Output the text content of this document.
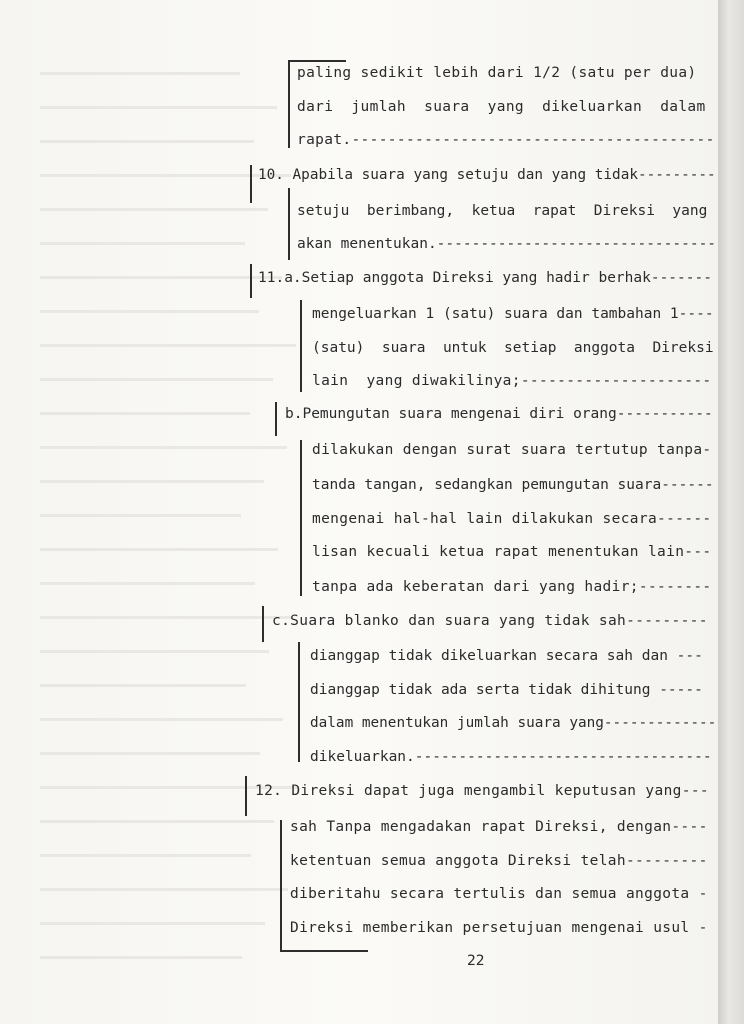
paling sedikit lebih dari 1/2 (satu per dua)
dari  jumlah  suara  yang  dikeluarkan  dalam
rapat.----------------------------------------
10. Apabila suara yang setuju dan yang tidak---------
setuju  berimbang,  ketua  rapat  Direksi  yang
akan menentukan.--------------------------------
11.a.Setiap anggota Direksi yang hadir berhak-------
mengeluarkan 1 (satu) suara dan tambahan 1----
(satu)  suara  untuk  setiap  anggota  Direksi
lain  yang diwakilinya;---------------------
b.Pemungutan suara mengenai diri orang-----------
dilakukan dengan surat suara tertutup tanpa-
tanda tangan, sedangkan pemungutan suara------
mengenai hal-hal lain dilakukan secara------
lisan kecuali ketua rapat menentukan lain---
tanpa ada keberatan dari yang hadir;--------
c.Suara blanko dan suara yang tidak sah---------
dianggap tidak dikeluarkan secara sah dan ---
dianggap tidak ada serta tidak dihitung -----
dalam menentukan jumlah suara yang-------------
dikeluarkan.----------------------------------
12. Direksi dapat juga mengambil keputusan yang---
sah Tanpa mengadakan rapat Direksi, dengan----
ketentuan semua anggota Direksi telah---------
diberitahu secara tertulis dan semua anggota -
Direksi memberikan persetujuan mengenai usul -
22
